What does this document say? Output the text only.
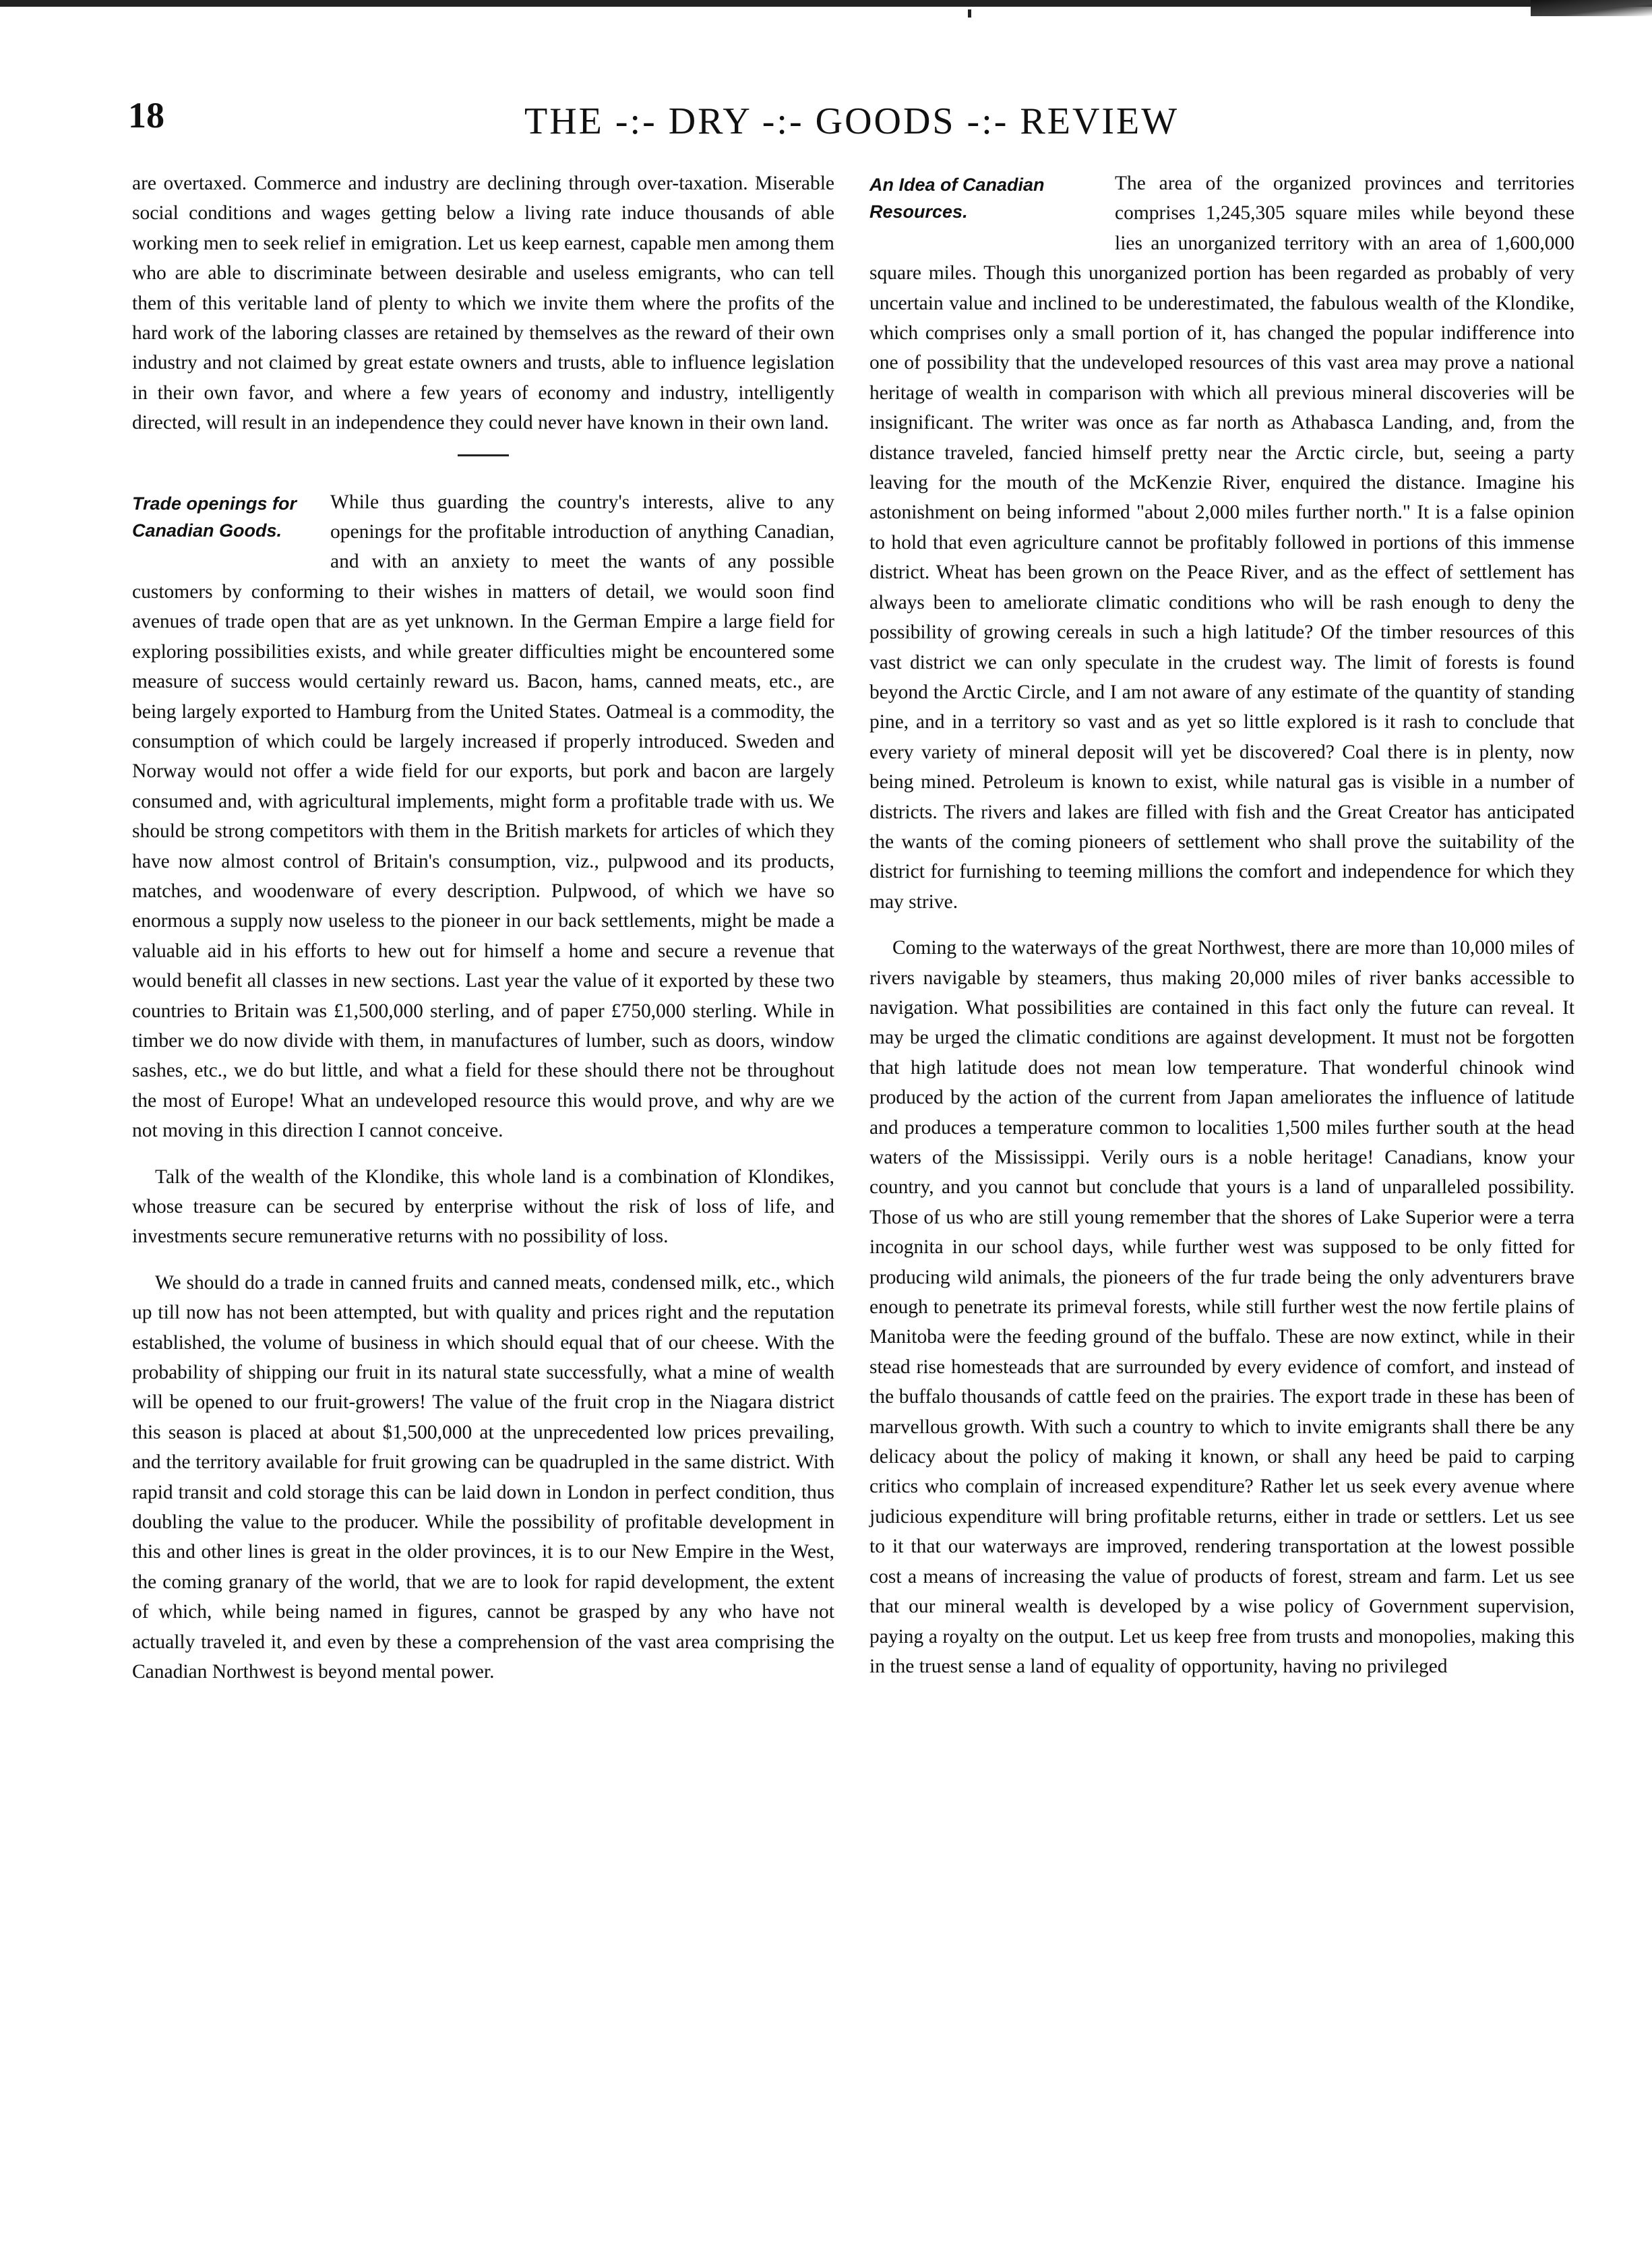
18	THE -:- DRY -:- GOODS -:- REVIEW

are overtaxed. Commerce and industry are declining through over-taxation. Miserable social conditions and wages getting below a living rate induce thousands of able working men to seek relief in emigration. Let us keep earnest, capable men among them who are able to discriminate between desirable and useless emigrants, who can tell them of this veritable land of plenty to which we invite them where the profits of the hard work of the laboring classes are retained by themselves as the reward of their own industry and not claimed by great estate owners and trusts, able to influence legislation in their own favor, and where a few years of economy and industry, intelligently directed, will result in an independence they could never have known in their own land.

Trade openings for Canadian Goods.
While thus guarding the country's interests, alive to any openings for the profitable introduction of anything Canadian, and with an anxiety to meet the wants of any possible customers by conforming to their wishes in matters of detail, we would soon find avenues of trade open that are as yet unknown. In the German Empire a large field for exploring possibilities exists, and while greater difficulties might be encountered some measure of success would certainly reward us. Bacon, hams, canned meats, etc., are being largely exported to Hamburg from the United States. Oatmeal is a commodity, the consumption of which could be largely increased if properly introduced. Sweden and Norway would not offer a wide field for our exports, but pork and bacon are largely consumed and, with agricultural implements, might form a profitable trade with us. We should be strong competitors with them in the British markets for articles of which they have now almost control of Britain's consumption, viz., pulpwood and its products, matches, and woodenware of every description. Pulpwood, of which we have so enormous a supply now useless to the pioneer in our back settlements, might be made a valuable aid in his efforts to hew out for himself a home and secure a revenue that would benefit all classes in new sections. Last year the value of it exported by these two countries to Britain was £1,500,000 sterling, and of paper £750,000 sterling. While in timber we do now divide with them, in manufactures of lumber, such as doors, window sashes, etc., we do but little, and what a field for these should there not be throughout the most of Europe! What an undeveloped resource this would prove, and why are we not moving in this direction I cannot conceive.

Talk of the wealth of the Klondike, this whole land is a combination of Klondikes, whose treasure can be secured by enterprise without the risk of loss of life, and investments secure remunerative returns with no possibility of loss.

We should do a trade in canned fruits and canned meats, condensed milk, etc., which up till now has not been attempted, but with quality and prices right and the reputation established, the volume of business in which should equal that of our cheese. With the probability of shipping our fruit in its natural state successfully, what a mine of wealth will be opened to our fruit-growers! The value of the fruit crop in the Niagara district this season is placed at about $1,500,000 at the unprecedented low prices prevailing, and the territory available for fruit growing can be quadrupled in the same district. With rapid transit and cold storage this can be laid down in London in perfect condition, thus doubling the value to the producer. While the possibility of profitable development in this and other lines is great in the older provinces, it is to our New Empire in the West, the coming granary of the world, that we are to look for rapid development, the extent of which, while being named in figures, cannot be grasped by any who have not actually traveled it, and even by these a comprehension of the vast area comprising the Canadian Northwest is beyond mental power.

An Idea of Canadian Resources.
The area of the organized provinces and territories comprises 1,245,305 square miles while beyond these lies an unorganized territory with an area of 1,600,000 square miles. Though this unorganized portion has been regarded as probably of very uncertain value and inclined to be underestimated, the fabulous wealth of the Klondike, which comprises only a small portion of it, has changed the popular indifference into one of possibility that the undeveloped resources of this vast area may prove a national heritage of wealth in comparison with which all previous mineral discoveries will be insignificant. The writer was once as far north as Athabasca Landing, and, from the distance traveled, fancied himself pretty near the Arctic circle, but, seeing a party leaving for the mouth of the McKenzie River, enquired the distance. Imagine his astonishment on being informed "about 2,000 miles further north." It is a false opinion to hold that even agriculture cannot be profitably followed in portions of this immense district. Wheat has been grown on the Peace River, and as the effect of settlement has always been to ameliorate climatic conditions who will be rash enough to deny the possibility of growing cereals in such a high latitude? Of the timber resources of this vast district we can only speculate in the crudest way. The limit of forests is found beyond the Arctic Circle, and I am not aware of any estimate of the quantity of standing pine, and in a territory so vast and as yet so little explored is it rash to conclude that every variety of mineral deposit will yet be discovered? Coal there is in plenty, now being mined. Petroleum is known to exist, while natural gas is visible in a number of districts. The rivers and lakes are filled with fish and the Great Creator has anticipated the wants of the coming pioneers of settlement who shall prove the suitability of the district for furnishing to teeming millions the comfort and independence for which they may strive.

Coming to the waterways of the great Northwest, there are more than 10,000 miles of rivers navigable by steamers, thus making 20,000 miles of river banks accessible to navigation. What possibilities are contained in this fact only the future can reveal. It may be urged the climatic conditions are against development. It must not be forgotten that high latitude does not mean low temperature. That wonderful chinook wind produced by the action of the current from Japan ameliorates the influence of latitude and produces a temperature common to localities 1,500 miles further south at the head waters of the Mississippi. Verily ours is a noble heritage! Canadians, know your country, and you cannot but conclude that yours is a land of unparalleled possibility. Those of us who are still young remember that the shores of Lake Superior were a terra incognita in our school days, while further west was supposed to be only fitted for producing wild animals, the pioneers of the fur trade being the only adventurers brave enough to penetrate its primeval forests, while still further west the now fertile plains of Manitoba were the feeding ground of the buffalo. These are now extinct, while in their stead rise homesteads that are surrounded by every evidence of comfort, and instead of the buffalo thousands of cattle feed on the prairies. The export trade in these has been of marvellous growth. With such a country to which to invite emigrants shall there be any delicacy about the policy of making it known, or shall any heed be paid to carping critics who complain of increased expenditure? Rather let us seek every avenue where judicious expenditure will bring profitable returns, either in trade or settlers. Let us see to it that our waterways are improved, rendering transportation at the lowest possible cost a means of increasing the value of products of forest, stream and farm. Let us see that our mineral wealth is developed by a wise policy of Government supervision, paying a royalty on the output. Let us keep free from trusts and monopolies, making this in the truest sense a land of equality of opportunity, having no privileged
